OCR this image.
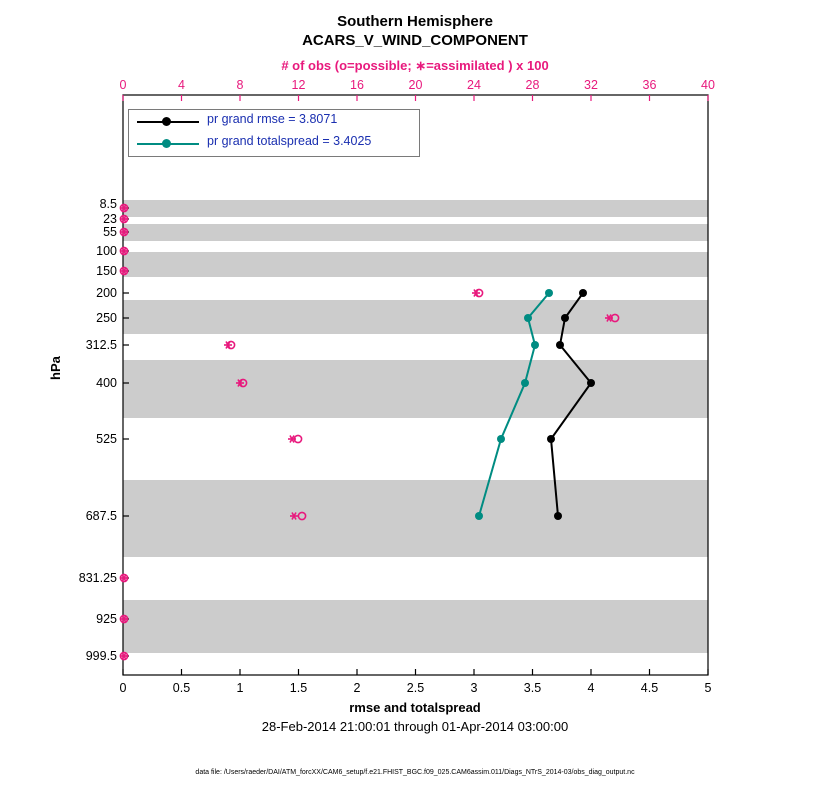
Southern Hemisphere
ACARS_V_WIND_COMPONENT
# of obs (o=possible; ∗=assimilated ) x 100
hPa
rmse and totalspread
28-Feb-2014 21:00:01 through 01-Apr-2014 03:00:00
data file: /Users/raeder/DAI/ATM_forcXX/CAM6_setup/f.e21.FHIST_BGC.f09_025.CAM6assim.011/Diags_NTrS_2014-03/obs_diag_output.nc
0	4	8	12	16	20	24	28	32	36	40
0	0.5	1	1.5	2	2.5	3	3.5	4	4.5	5
8.5
23
55
100
150
200
250
312.5
400
525
687.5
831.25
925
999.5
pr grand rmse = 3.8071
pr grand totalspread = 3.4025
